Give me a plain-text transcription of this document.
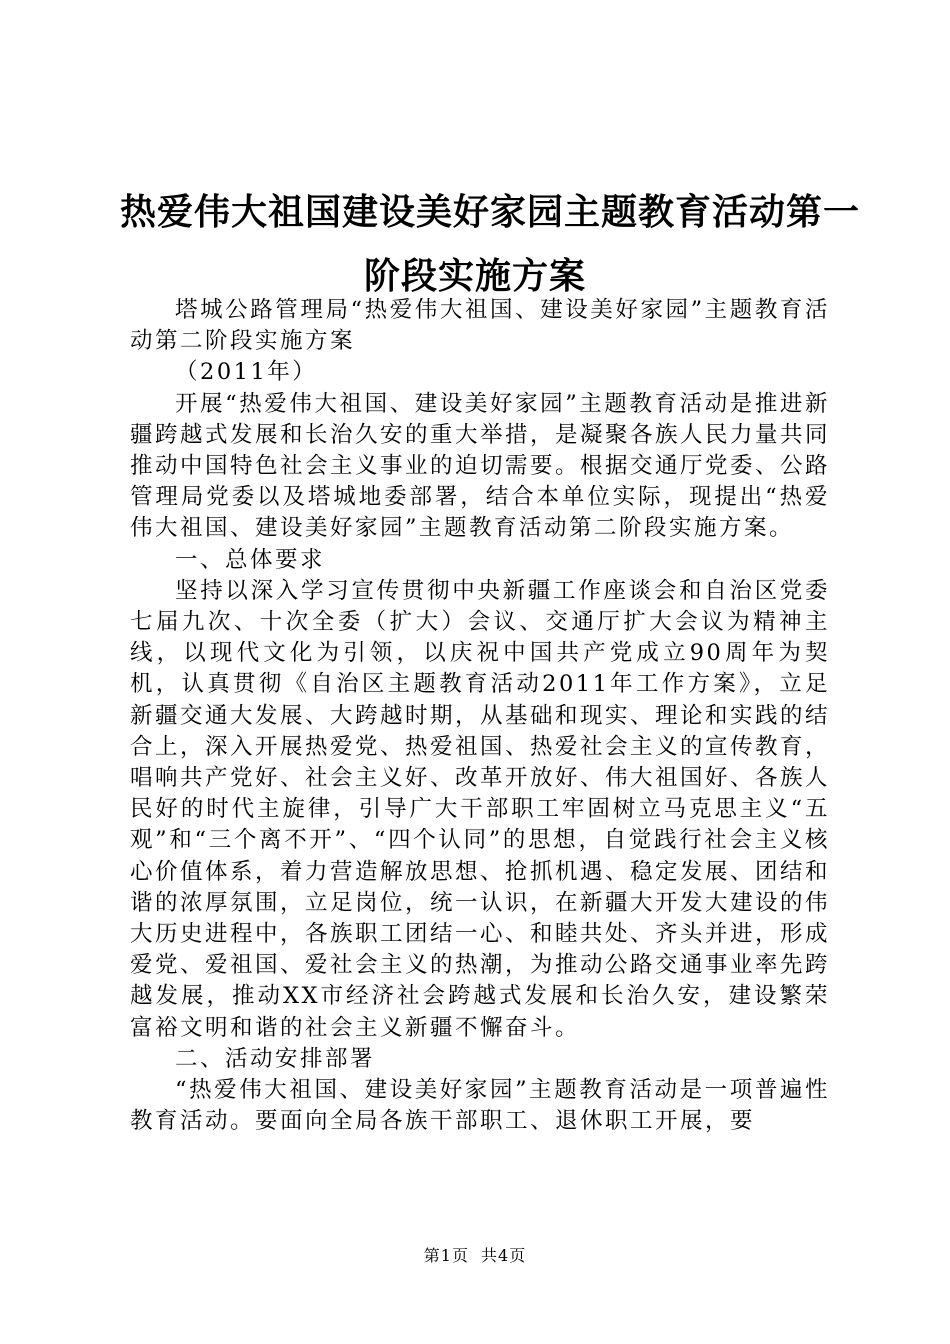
热爱伟大祖国建设美好家园主题教育活动第一
阶段实施方案

塔城公路管理局“热爱伟大祖国、建设美好家园”主题教育活动第二阶段实施方案

（2011年）

开展“热爱伟大祖国、建设美好家园”主题教育活动是推进新疆跨越式发展和长治久安的重大举措，是凝聚各族人民力量共同推动中国特色社会主义事业的迫切需要。根据交通厅党委、公路管理局党委以及塔城地委部署，结合本单位实际，现提出“热爱伟大祖国、建设美好家园”主题教育活动第二阶段实施方案。

一、总体要求

坚持以深入学习宣传贯彻中央新疆工作座谈会和自治区党委七届九次、十次全委（扩大）会议、交通厅扩大会议为精神主线，以现代文化为引领，以庆祝中国共产党成立90周年为契机，认真贯彻《自治区主题教育活动2011年工作方案》，立足新疆交通大发展、大跨越时期，从基础和现实、理论和实践的结合上，深入开展热爱党、热爱祖国、热爱社会主义的宣传教育，唱响共产党好、社会主义好、改革开放好、伟大祖国好、各族人民好的时代主旋律，引导广大干部职工牢固树立马克思主义“五观”和“三个离不开”、“四个认同”的思想，自觉践行社会主义核心价值体系，着力营造解放思想、抢抓机遇、稳定发展、团结和谐的浓厚氛围，立足岗位，统一认识，在新疆大开发大建设的伟大历史进程中，各族职工团结一心、和睦共处、齐头并进，形成爱党、爱祖国、爱社会主义的热潮，为推动公路交通事业率先跨越发展，推动XX市经济社会跨越式发展和长治久安，建设繁荣富裕文明和谐的社会主义新疆不懈奋斗。

二、活动安排部署

“热爱伟大祖国、建设美好家园”主题教育活动是一项普遍性教育活动。要面向全局各族干部职工、退休职工开展，要

第1页 共4页
